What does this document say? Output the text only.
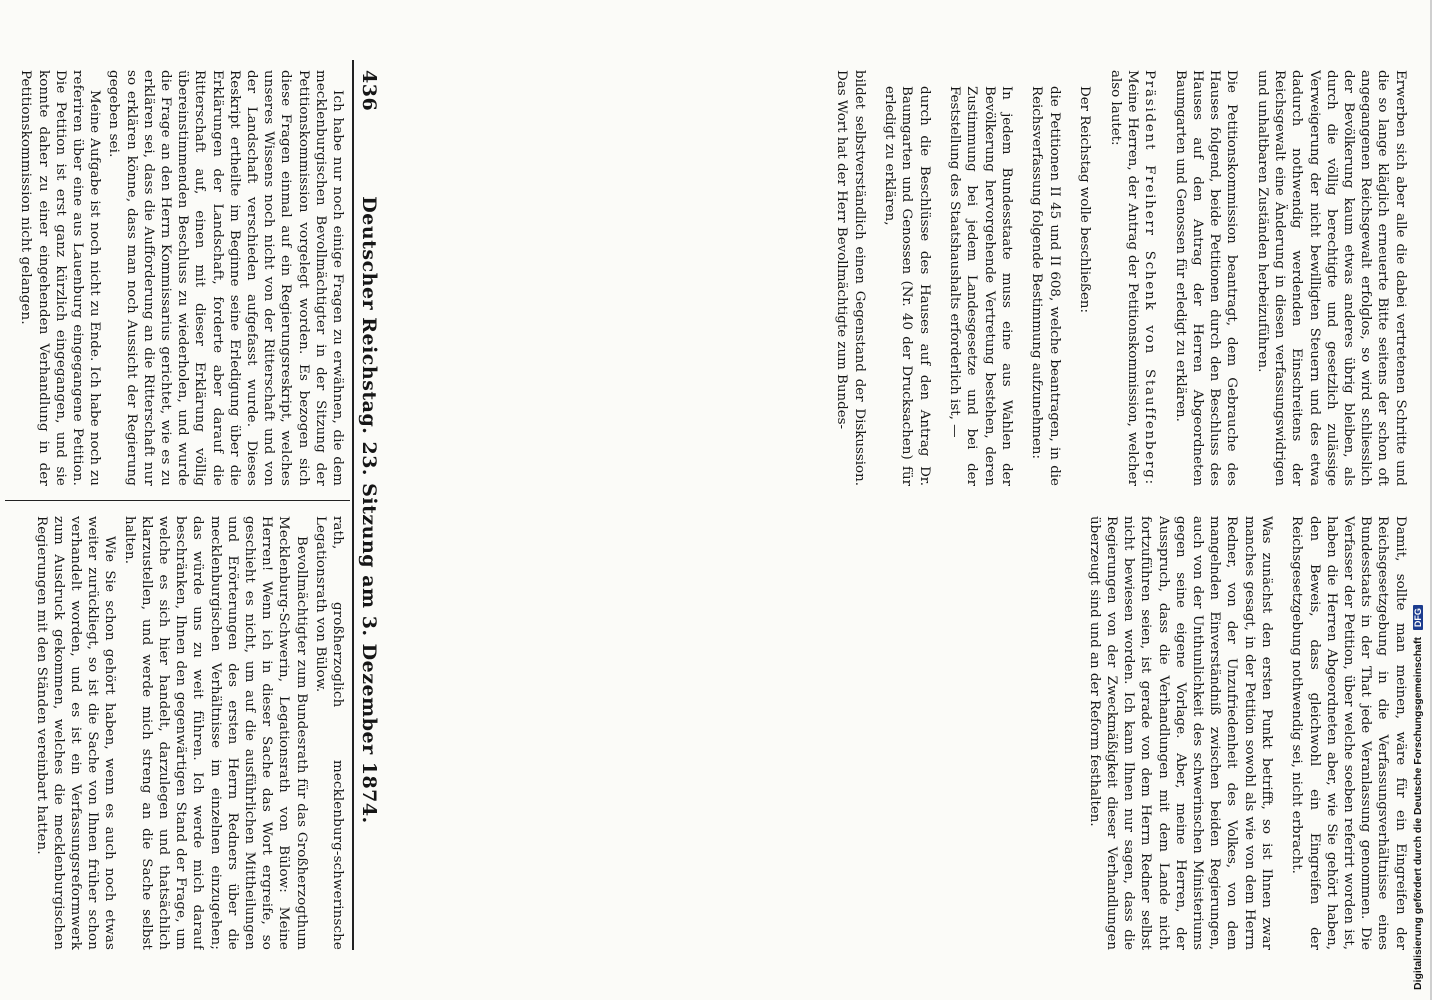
436
Deutscher Reichstag. 23. Sitzung am 3. Dezember 1874.

Ich habe nur noch einige Fragen zu erwähnen, die dem mecklenburgischen Bevollmächtigter in der Sitzung der Petitionskommission vorgelegt worden. Es bezogen sich diese Fragen einmal auf ein Regierungsreskript, welches unseres Wissens noch nicht von der Ritterschaft und von der Landschaft verschieden aufgefasst wurde. Dieses Reskript ertheilte im Beginne seine Erledigung über die Erklärungen der Landschaft, forderte aber darauf die Ritterschaft auf, einen mit dieser Erklärung völlig übereinstimmenden Beschluss zu wiederholen, und wurde die Frage an den Herrn Kommissarius gerichtet, wie es zu erklären sei, dass die Aufforderung an die Ritterschaft nur so erklären könne, dass man noch Aussicht der Regierung gegeben sei.

Meine Aufgabe ist noch nicht zu Ende. Ich habe noch zu referiren über eine aus Lauenburg eingegangene Petition. Die Petition ist erst ganz kürzlich eingegangen, und sie konnte daher zu einer eingehenden Verhandlung in der Petitionskommission nicht gelangen.

rath, großherzoglich mecklenburg-schwerinsche Legationsrath von Bülow.

Bevollmächtigter zum Bundesrath für das Großherzogthum Mecklenburg-Schwerin, Legationsrath von Bülow: Meine Herren! Wenn ich in dieser Sache das Wort ergreife, so geschieht es nicht, um auf die ausführlichen Mittheilungen und Erörterungen des ersten Herrn Redners über die mecklenburgischen Verhältnisse im einzelnen einzugehen; das würde uns zu weit führen. Ich werde mich darauf beschränken, Ihnen den gegenwärtigen Stand der Frage, um welche es sich hier handelt, darzulegen und thatsächlich klarzustellen, und werde mich streng an die Sache selbst halten.

Wie Sie schon gehört haben, wenn es auch noch etwas weiter zurückliegt, so ist die Sache von Ihnen früher schon verhandelt worden, und es ist ein Verfassungsreformwerk zum Ausdruck gekommen, welches die mecklenburgischen Regierungen mit den Ständen vereinbart hatten.

Erwerben sich aber alle die dabei vertretenen Schritte und die so lange kläglich erneuerte Bitte seitens der schon oft angegangenen Reichsgewalt erfolglos, so wird schliesslich der Bevölkerung kaum etwas anderes übrig bleiben, als durch die völlig berechtigte und gesetzlich zulässige Verweigerung der nicht bewilligten Steuern und des etwa dadurch nothwendig werdenden Einschreitens der Reichsgewalt eine Änderung in diesen verfassungswidrigen und unhaltbaren Zuständen herbeizuführen.

Die Petitionskommission beantragt, dem Gebrauche des Hauses folgend, beide Petitionen durch den Beschluss des Hauses auf den Antrag der Herren Abgeordneten Baumgarten und Genossen für erledigt zu erklären.

Präsident Freiherr Schenk von Stauffenberg: Meine Herren, der Antrag der Petitionskommission, welcher also lautet:

Der Reichstag wolle beschließen:

die Petitionen II 45 und II 608, welche beantragen, in die Reichsverfassung folgende Bestimmung aufzunehmen:

In jedem Bundesstaate muss eine aus Wahlen der Bevölkerung hervorgehende Vertretung bestehen, deren Zustimmung bei jedem Landesgesetze und bei der Feststellung des Staatshaushalts erforderlich ist, —

durch die Beschlüsse des Hauses auf den Antrag Dr. Baumgarten und Genossen (Nr. 40 der Drucksachen) für erledigt zu erklären,

bildet selbstverständlich einen Gegenstand der Diskussion. Das Wort hat der Herr Bevollmächtigte zum Bundes-

Damit, sollte man meinen, wäre für ein Eingreifen der Reichsgesetzgebung in die Verfassungsverhältnisse eines Bundesstaats in der That jede Veranlassung genommen. Die Verfasser der Petition, über welche soeben referirt worden ist, haben die Herren Abgeordneten aber, wie Sie gehört haben, den Beweis, dass gleichwohl ein Eingreifen der Reichsgesetzgebung nothwendig sei, nicht erbracht.

Was zunächst den ersten Punkt betrifft, so ist Ihnen zwar manches gesagt, in der Petition sowohl als wie von dem Herrn Redner, von der Unzufriedenheit des Volkes, von dem mangelnden Einverständniß zwischen beiden Regierungen, auch von der Unthunlichkeit des schwerinschen Ministeriums gegen seine eigene Vorlage. Aber, meine Herren, der Ausspruch, dass die Verhandlungen mit dem Lande nicht fortzuführen seien, ist gerade von dem Herrn Redner selbst nicht bewiesen worden. Ich kann Ihnen nur sagen, dass die Regierungen von der Zweckmäßigkeit dieser Verhandlungen überzeugt sind und an der Reform festhalten.	Digitalisierung gefördert durch die Deutsche Forschungsgemeinschaft DFG
